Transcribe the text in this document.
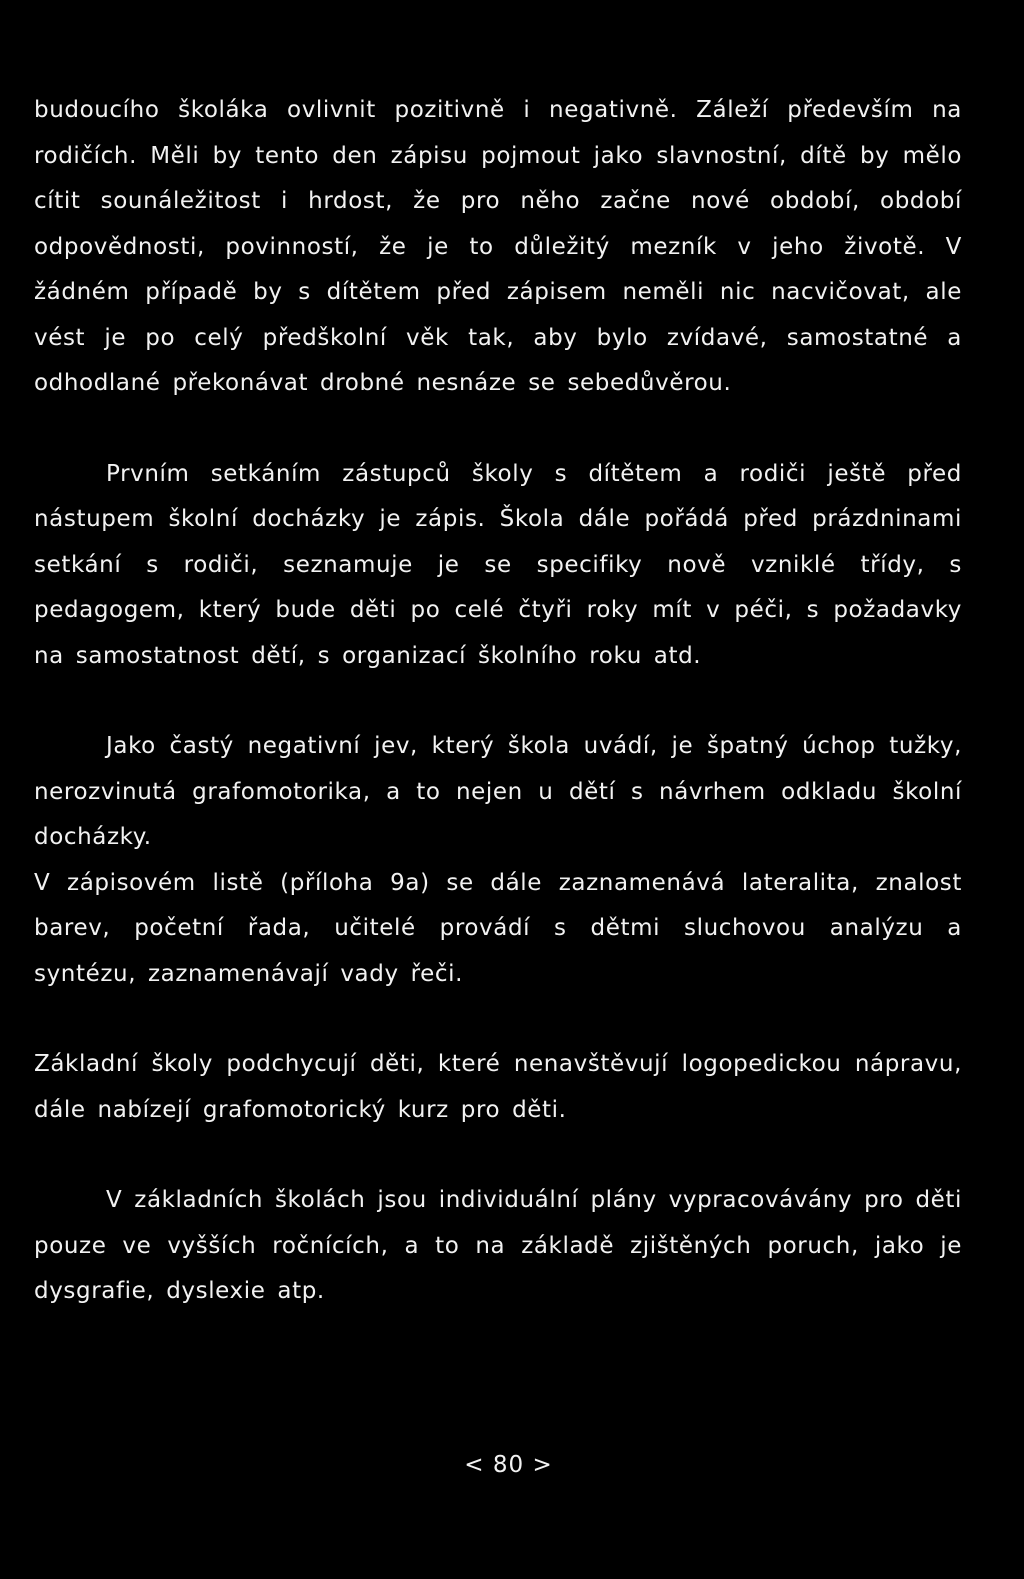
budoucího školáka ovlivnit pozitivně i negativně. Záleží především na rodičích. Měli by tento den zápisu pojmout jako slavnostní, dítě by mělo cítit sounáležitost i hrdost, že pro něho začne nové období, období odpovědnosti, povinností, že je to důležitý mezník v jeho životě. V žádném případě by s dítětem před zápisem neměli nic nacvičovat, ale vést je po celý předškolní věk tak, aby bylo zvídavé, samostatné a odhodlané překonávat drobné nesnáze se sebedůvěrou.

Prvním setkáním zástupců školy s dítětem a rodiči ještě před nástupem školní docházky je zápis. Škola dále pořádá před prázdninami setkání s rodiči, seznamuje je se specifiky nově vzniklé třídy, s pedagogem, který bude děti po celé čtyři roky mít v péči, s požadavky na samostatnost dětí, s organizací školního roku atd.

Jako častý negativní jev, který škola uvádí, je špatný úchop tužky, nerozvinutá grafomotorika, a to nejen u dětí s návrhem odkladu školní docházky.

V zápisovém listě (příloha 9a) se dále zaznamenává lateralita, znalost barev, početní řada, učitelé provádí s dětmi sluchovou analýzu a syntézu, zaznamenávají vady řeči.

Základní školy podchycují děti, které nenavštěvují logopedickou nápravu, dále nabízejí grafomotorický kurz pro děti.

V základních školách jsou individuální plány vypracovávány pro děti pouze ve vyšších ročnících, a to na základě zjištěných poruch, jako je dysgrafie, dyslexie atp.

< 80 >
